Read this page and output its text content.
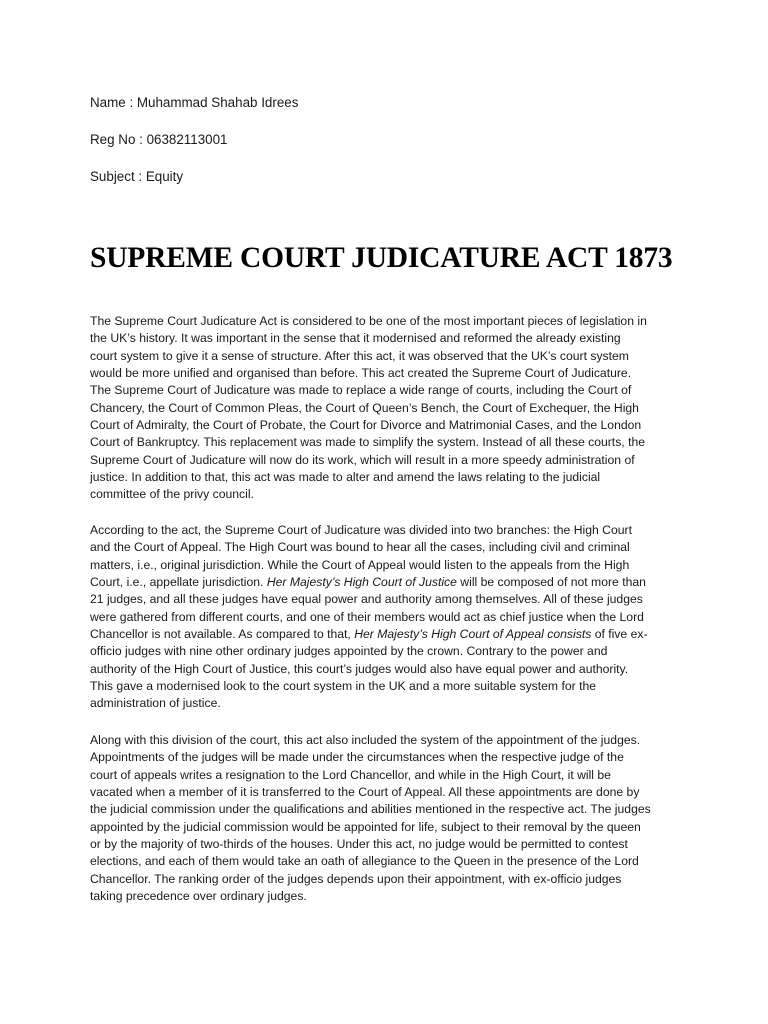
Name : Muhammad Shahab Idrees
Reg No : 06382113001
Subject : Equity
SUPREME COURT JUDICATURE ACT 1873
The Supreme Court Judicature Act is considered to be one of the most important pieces of legislation in
the UK’s history. It was important in the sense that it modernised and reformed the already existing
court system to give it a sense of structure. After this act, it was observed that the UK’s court system
would be more unified and organised than before. This act created the Supreme Court of Judicature.
The Supreme Court of Judicature was made to replace a wide range of courts, including the Court of
Chancery, the Court of Common Pleas, the Court of Queen’s Bench, the Court of Exchequer, the High
Court of Admiralty, the Court of Probate, the Court for Divorce and Matrimonial Cases, and the London
Court of Bankruptcy. This replacement was made to simplify the system. Instead of all these courts, the
Supreme Court of Judicature will now do its work, which will result in a more speedy administration of
justice. In addition to that, this act was made to alter and amend the laws relating to the judicial
committee of the privy council.
According to the act, the Supreme Court of Judicature was divided into two branches: the High Court
and the Court of Appeal. The High Court was bound to hear all the cases, including civil and criminal
matters, i.e., original jurisdiction. While the Court of Appeal would listen to the appeals from the High
Court, i.e., appellate jurisdiction. Her Majesty’s High Court of Justice will be composed of not more than
21 judges, and all these judges have equal power and authority among themselves. All of these judges
were gathered from different courts, and one of their members would act as chief justice when the Lord
Chancellor is not available. As compared to that, Her Majesty’s High Court of Appeal consists of five ex-
officio judges with nine other ordinary judges appointed by the crown. Contrary to the power and
authority of the High Court of Justice, this court’s judges would also have equal power and authority.
This gave a modernised look to the court system in the UK and a more suitable system for the
administration of justice.
Along with this division of the court, this act also included the system of the appointment of the judges.
Appointments of the judges will be made under the circumstances when the respective judge of the
court of appeals writes a resignation to the Lord Chancellor, and while in the High Court, it will be
vacated when a member of it is transferred to the Court of Appeal. All these appointments are done by
the judicial commission under the qualifications and abilities mentioned in the respective act. The judges
appointed by the judicial commission would be appointed for life, subject to their removal by the queen
or by the majority of two-thirds of the houses. Under this act, no judge would be permitted to contest
elections, and each of them would take an oath of allegiance to the Queen in the presence of the Lord
Chancellor. The ranking order of the judges depends upon their appointment, with ex-officio judges
taking precedence over ordinary judges.
